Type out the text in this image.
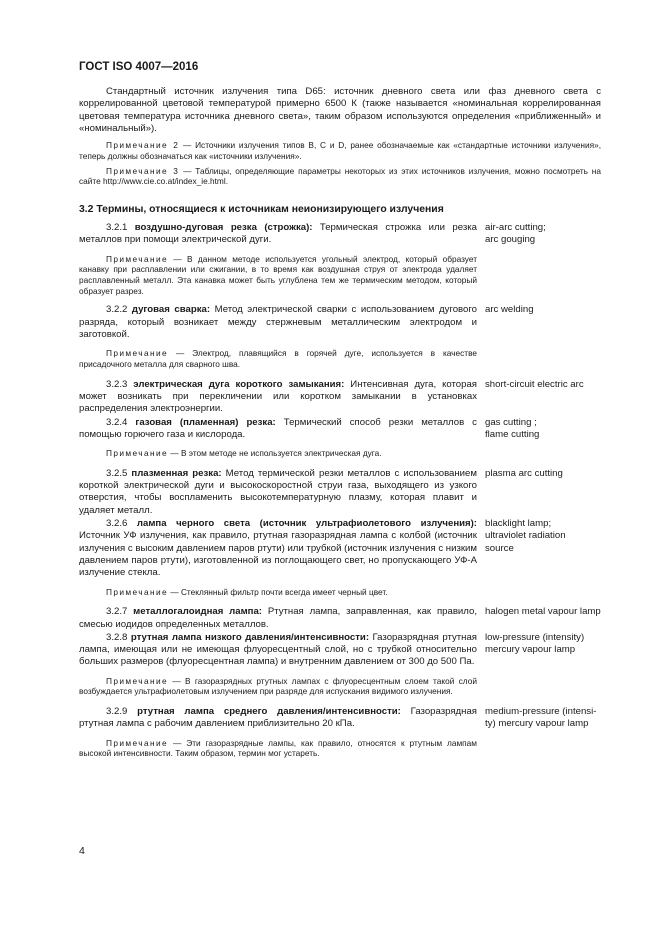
ГОСТ ISO 4007—2016

Стандартный источник излучения типа D65: источник дневного света или фаз дневного света с коррелированной цветовой температурой примерно 6500 К (также называется «номинальная коррелированная цветовая температура источника дневного света», таким образом используются определения «приближенный» и «номинальный»).

Примечание 2 — Источники излучения типов В, С и D, ранее обозначаемые как «стандартные источники излучения», теперь должны обозначаться как «источники излучения».

Примечание 3 — Таблицы, определяющие параметры некоторых из этих источников излучения, можно посмотреть на сайте http://www.cie.co.at/index_ie.html.

3.2 Термины, относящиеся к источникам неионизирующего излучения

3.2.1 воздушно-дуговая резка (строжка): Термическая строжка или резка металлов при помощи электрической дуги.

Примечание — В данном методе используется угольный электрод, который образует канавку при расплавлении или сжигании, в то время как воздушная струя от электрода удаляет расплавленный металл. Эта канавка может быть углублена тем же термическим методом, который образует разрез.

air-arc cutting;
arc gouging

3.2.2 дуговая сварка: Метод электрической сварки с использованием дугового разряда, который возникает между стержневым металлическим электродом и заготовкой.

Примечание — Электрод, плавящийся в горячей дуге, используется в качестве присадочного металла для сварного шва.

arc welding

3.2.3 электрическая дуга короткого замыкания: Интенсивная дуга, которая может возникать при перекличении или коротком замыкании в установках распределения электроэнергии.

short-circuit electric arc

3.2.4 газовая (пламенная) резка: Термический способ резки металлов с помощью горючего газа и кислорода.

Примечание — В этом методе не используется электрическая дуга.

gas cutting ;
flame cutting

3.2.5 плазменная резка: Метод термической резки металлов с использованием короткой электрической дуги и высокоскоростной струи газа, выходящего из узкого отверстия, чтобы воспламенить высокотемпературную плазму, которая плавит и удаляет металл.

plasma arc cutting

3.2.6 лампа черного света (источник ультрафиолетового излучения): Источник УФ излучения, как правило, ртутная газоразрядная лампа с колбой (источник излучения с высоким давлением паров ртути) или трубкой (источник излучения с низким давлением паров ртути), изготовленной из поглощающего свет, но пропускающего УФ-А излучение стекла.

Примечание — Стеклянный фильтр почти всегда имеет черный цвет.

blacklight lamp;
ultraviolet radiation
source

3.2.7 металлогалоидная лампа: Ртутная лампа, заправленная, как правило, смесью иодидов определенных металлов.

halogen metal vapour lamp

3.2.8 ртутная лампа низкого давления/интенсивности: Газоразрядная ртутная лампа, имеющая или не имеющая флуоресцентный слой, но с трубкой относительно больших размеров (флуоресцентная лампа) и внутренним давлением от 300 до 500 Па.

Примечание — В газоразрядных ртутных лампах с флуоресцентным слоем такой слой возбуждается ультрафиолетовым излучением при разряде для испускания видимого излучения.

low-pressure (intensity)
mercury vapour lamp

3.2.9 ртутная лампа среднего давления/интенсивности: Газоразрядная ртутная лампа с рабочим давлением приблизительно 20 кПа.

Примечание — Эти газоразрядные лампы, как правило, относятся к ртутным лампам высокой интенсивности. Таким образом, термин мог устареть.

medium-pressure (intensi-
ty) mercury vapour lamp
4
